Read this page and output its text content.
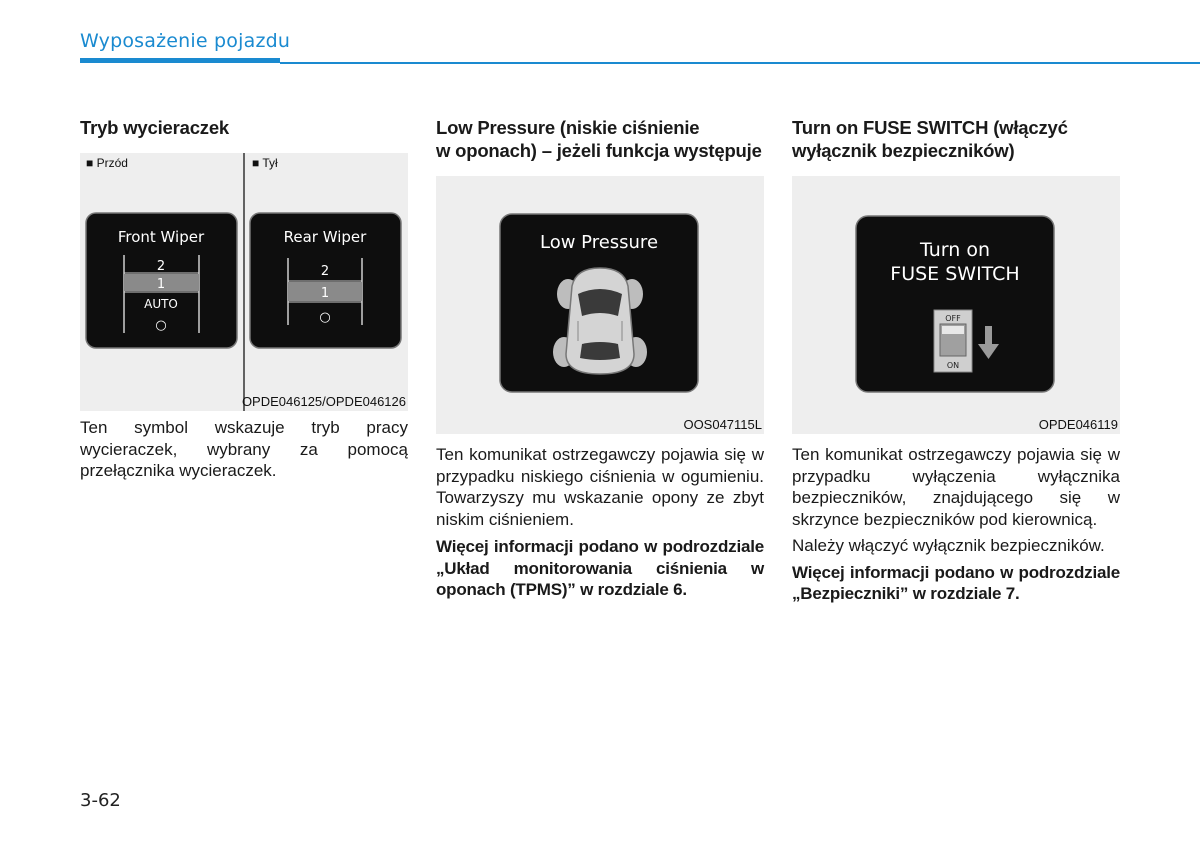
Wyposażenie pojazdu
Tryb wycieraczek
■ Przód	■ Tył
Front Wiper
2
1
AUTO
○
Rear Wiper
2
1
○
OPDE046125/OPDE046126

Ten symbol wskazuje tryb pracy wycieraczek, wybrany za pomocą przełącznika wycieraczek.

Low Pressure (niskie ciśnienie
w oponach) – jeżeli funkcja występuje
Low Pressure
OOS047115L

Ten komunikat ostrzegawczy pojawia się w przypadku niskiego ciśnienia w ogumieniu. Towarzyszy mu wskazanie opony ze zbyt niskim ciśnieniem.

Więcej informacji podano w podrozdziale „Układ monitorowania ciśnienia w oponach (TPMS)” w rozdziale 6.

Turn on FUSE SWITCH (włączyć
wyłącznik bezpieczników)
Turn on
FUSE SWITCH
OFF
ON
OPDE046119

Ten komunikat ostrzegawczy pojawia się w przypadku wyłączenia wyłącznika bezpieczników, znajdującego się w skrzynce bezpieczników pod kierownicą.

Należy włączyć wyłącznik bezpieczników.

Więcej informacji podano w podrozdziale „Bezpieczniki” w rozdziale 7.

3-62
